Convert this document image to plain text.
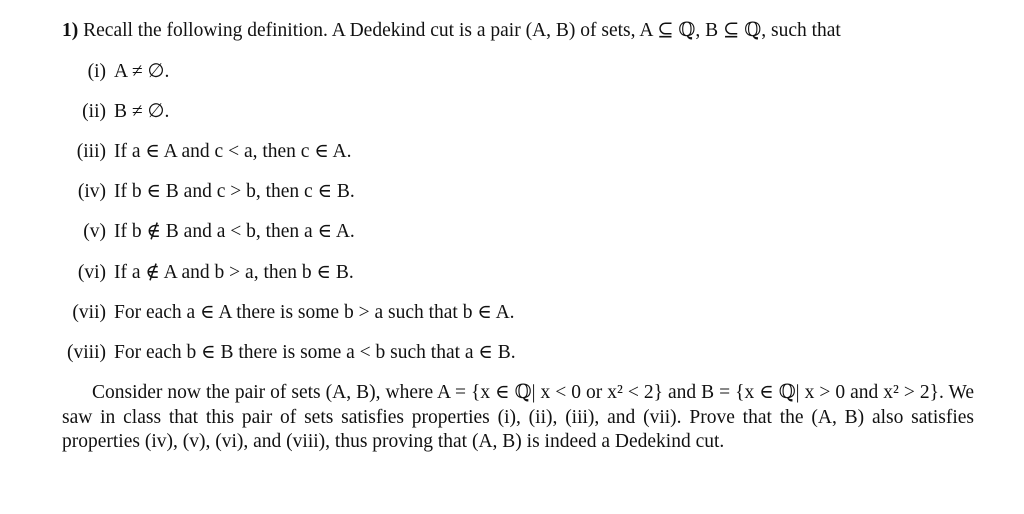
1) Recall the following definition. A Dedekind cut is a pair (A, B) of sets, A ⊆ ℚ, B ⊆ ℚ, such that
(i) A ≠ ∅.
(ii) B ≠ ∅.
(iii) If a ∈ A and c < a, then c ∈ A.
(iv) If b ∈ B and c > b, then c ∈ B.
(v) If b ∉ B and a < b, then a ∈ A.
(vi) If a ∉ A and b > a, then b ∈ B.
(vii) For each a ∈ A there is some b > a such that b ∈ A.
(viii) For each b ∈ B there is some a < b such that a ∈ B.

Consider now the pair of sets (A, B), where A = {x ∈ ℚ| x < 0 or x² < 2} and B = {x ∈ ℚ| x > 0 and x² > 2}. We saw in class that this pair of sets satisfies properties (i), (ii), (iii), and (vii). Prove that the (A, B) also satisfies properties (iv), (v), (vi), and (viii), thus proving that (A, B) is indeed a Dedekind cut.
